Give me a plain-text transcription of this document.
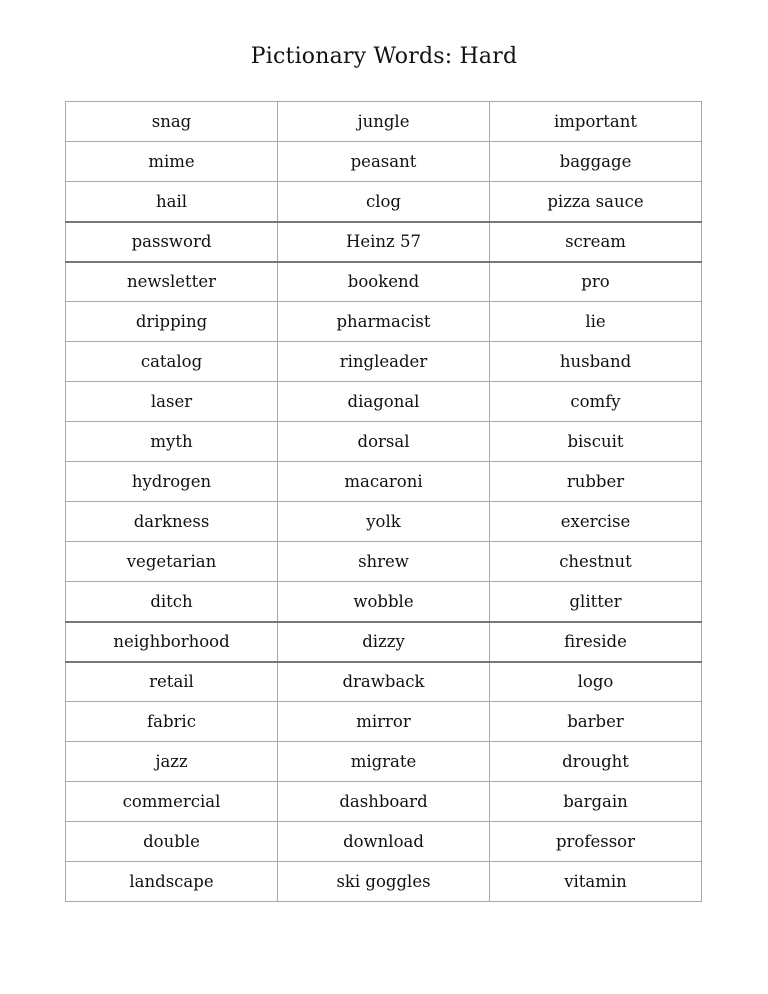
Pictionary Words: Hard
snag	jungle	important
mime	peasant	baggage
hail	clog	pizza sauce
password	Heinz 57	scream
newsletter	bookend	pro
dripping	pharmacist	lie
catalog	ringleader	husband
laser	diagonal	comfy
myth	dorsal	biscuit
hydrogen	macaroni	rubber
darkness	yolk	exercise
vegetarian	shrew	chestnut
ditch	wobble	glitter
neighborhood	dizzy	fireside
retail	drawback	logo
fabric	mirror	barber
jazz	migrate	drought
commercial	dashboard	bargain
double	download	professor
landscape	ski goggles	vitamin
